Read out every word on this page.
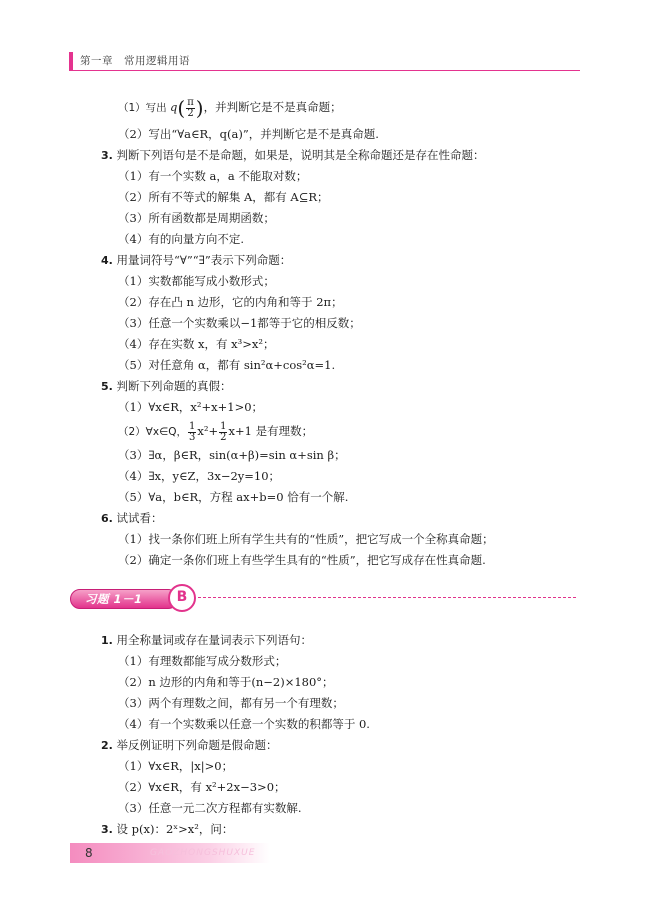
第一章　常用逻辑用语
（1）写出 $q( \frac{\pi}{2}$ )，并判断它是不是真命题；
（2）写出“∀a∈R，q(a)”，并判断它是不是真命题.
3. 判断下列语句是不是命题，如果是，说明其是全称命题还是存在性命题：
（1）有一个实数 a，a 不能取对数；
（2）所有不等式的解集 A，都有 A⊆R；
（3）所有函数都是周期函数；
（4）有的向量方向不定.
4. 用量词符号“∀”“∃”表示下列命题：
（1）实数都能写成小数形式；
（2）存在凸 n 边形，它的内角和等于 2π；
（3）任意一个实数乘以−1都等于它的相反数；
（4）存在实数 x，有 x³>x²；
（5）对任意角 α，都有 sin²α+cos²α=1.
5. 判断下列命题的真假：
（1）∀x∈R，x²+x+1>0；
（2）∀x∈Q， $\frac{1}{3} x^2+ \frac{1}{2} x+1$ 是有理数；
（3）∃α，β∈R，sin(α+β)=sin α+sin β；
（4）∃x，y∈Z，3x−2y=10；
（5）∀a，b∈R，方程 ax+b=0 恰有一个解.
6. 试试看：
（1）找一条你们班上所有学生共有的“性质”，把它写成一个全称真命题；
（2）确定一条你们班上有些学生具有的“性质”，把它写成存在性真命题.
习题 1－1	B
1. 用全称量词或存在量词表示下列语句：
（1）有理数都能写成分数形式；
（2）n 边形的内角和等于(n−2)×180°；
（3）两个有理数之间，都有另一个有理数；
（4）有一个实数乘以任意一个实数的积都等于 0.
2. 举反例证明下列命题是假命题：
（1）∀x∈R，|x|>0；
（2）∀x∈R，有 x²+2x−3>0；
（3）任意一元二次方程都有实数解.
3. 设 p(x)：2ˣ>x²，问：
8	GAOZHONGSHUXUE
